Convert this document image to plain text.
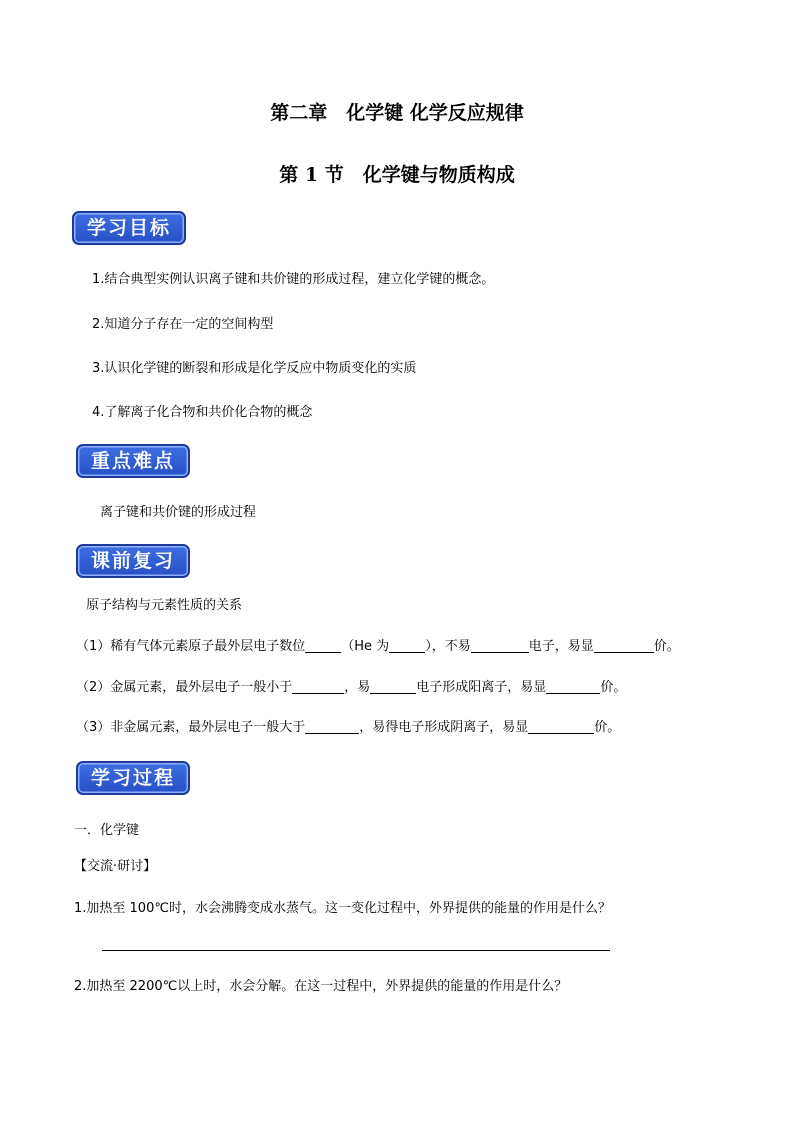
第二章　化学键 化学反应规律
第 1 节　化学键与物质构成
学习目标
1.结合典型实例认识离子键和共价键的形成过程，建立化学键的概念。
2.知道分子存在一定的空间构型
3.认识化学键的断裂和形成是化学反应中物质变化的实质
4.了解离子化合物和共价化合物的概念
重点难点
离子键和共价键的形成过程
课前复习
原子结构与元素性质的关系
（1）稀有气体元素原子最外层电子数位	（He 为	），不易	电子，易显	价。
（2）金属元素，最外层电子一般小于	，易	电子形成阳离子，易显	价。
（3）非金属元素，最外层电子一般大于	，易得电子形成阴离子，易显	价。
学习过程
一．化学键
【交流·研讨】
1.加热至 100℃时，水会沸腾变成水蒸气。这一变化过程中，外界提供的能量的作用是什么？
2.加热至 2200℃以上时，水会分解。在这一过程中，外界提供的能量的作用是什么？
